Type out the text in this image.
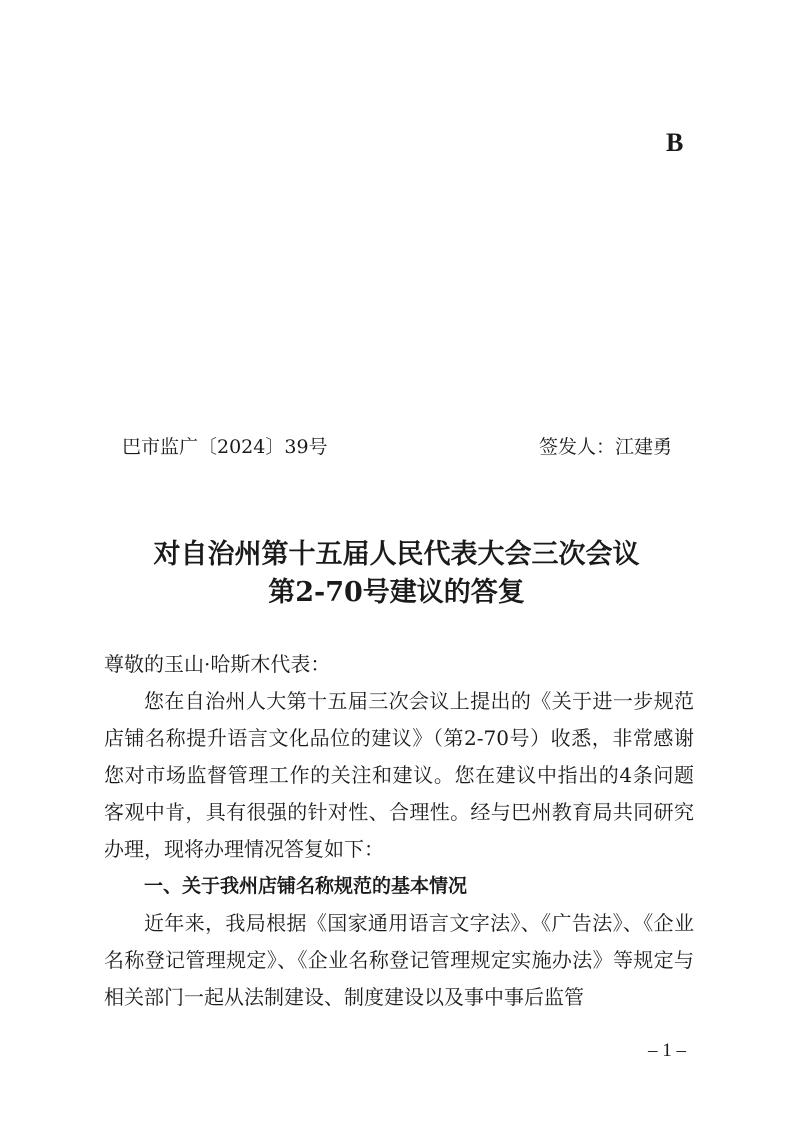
B
巴市监广〔2024〕39号	签发人：江建勇
对自治州第十五届人民代表大会三次会议
第2-70号建议的答复
尊敬的玉山·哈斯木代表：

您在自治州人大第十五届三次会议上提出的《关于进一步规范店铺名称提升语言文化品位的建议》（第2-70号）收悉，非常感谢您对市场监督管理工作的关注和建议。您在建议中指出的4条问题客观中肯，具有很强的针对性、合理性。经与巴州教育局共同研究办理，现将办理情况答复如下：

一、关于我州店铺名称规范的基本情况

近年来，我局根据《国家通用语言文字法》、《广告法》、《企业名称登记管理规定》、《企业名称登记管理规定实施办法》等规定与相关部门一起从法制建设、制度建设以及事中事后监管

– 1 –
